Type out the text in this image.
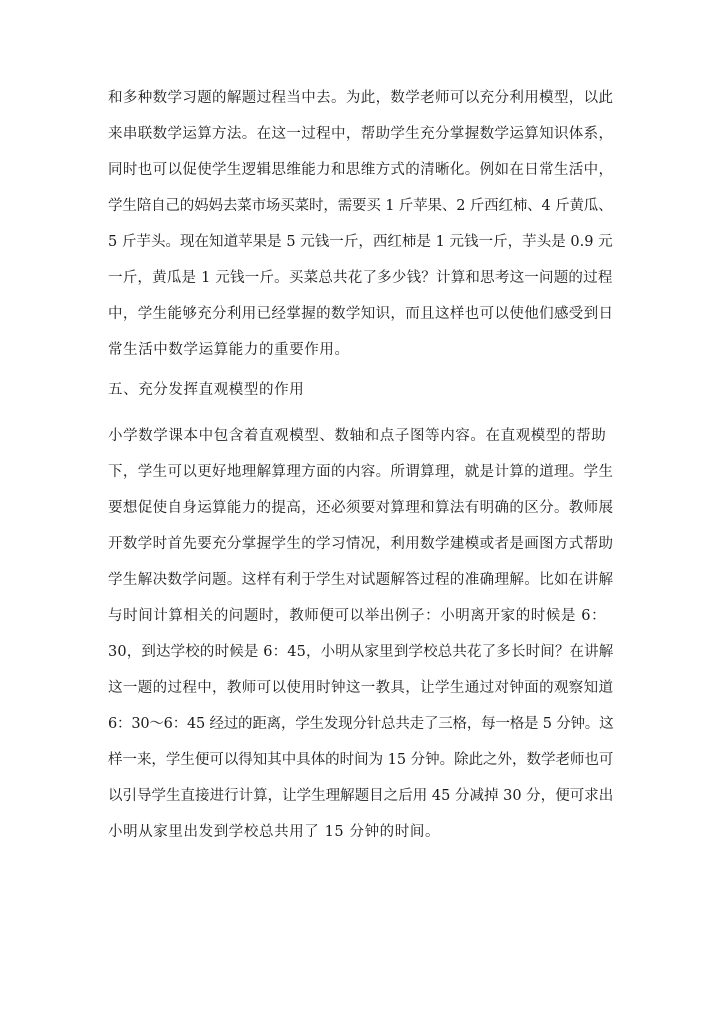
和多种数学习题的解题过程当中去。为此，数学老师可以充分利用模型，以此
来串联数学运算方法。在这一过程中，帮助学生充分掌握数学运算知识体系，
同时也可以促使学生逻辑思维能力和思维方式的清晰化。例如在日常生活中，
学生陪自己的妈妈去菜市场买菜时，需要买 1 斤苹果、2 斤西红柿、4 斤黄瓜、
5 斤芋头。现在知道苹果是 5 元钱一斤，西红柿是 1 元钱一斤，芋头是 0.9 元
一斤，黄瓜是 1 元钱一斤。买菜总共花了多少钱？计算和思考这一问题的过程
中，学生能够充分利用已经掌握的数学知识，而且这样也可以使他们感受到日
常生活中数学运算能力的重要作用。
五、充分发挥直观模型的作用
小学数学课本中包含着直观模型、数轴和点子图等内容。在直观模型的帮助
下，学生可以更好地理解算理方面的内容。所谓算理，就是计算的道理。学生
要想促使自身运算能力的提高，还必须要对算理和算法有明确的区分。教师展
开数学时首先要充分掌握学生的学习情况，利用数学建模或者是画图方式帮助
学生解决数学问题。这样有利于学生对试题解答过程的准确理解。比如在讲解
与时间计算相关的问题时，教师便可以举出例子：小明离开家的时候是 6：
30，到达学校的时候是 6：45，小明从家里到学校总共花了多长时间？在讲解
这一题的过程中，教师可以使用时钟这一教具，让学生通过对钟面的观察知道
6：30～6：45 经过的距离，学生发现分针总共走了三格，每一格是 5 分钟。这
样一来，学生便可以得知其中具体的时间为 15 分钟。除此之外，数学老师也可
以引导学生直接进行计算，让学生理解题目之后用 45 分减掉 30 分，便可求出
小明从家里出发到学校总共用了 15 分钟的时间。
